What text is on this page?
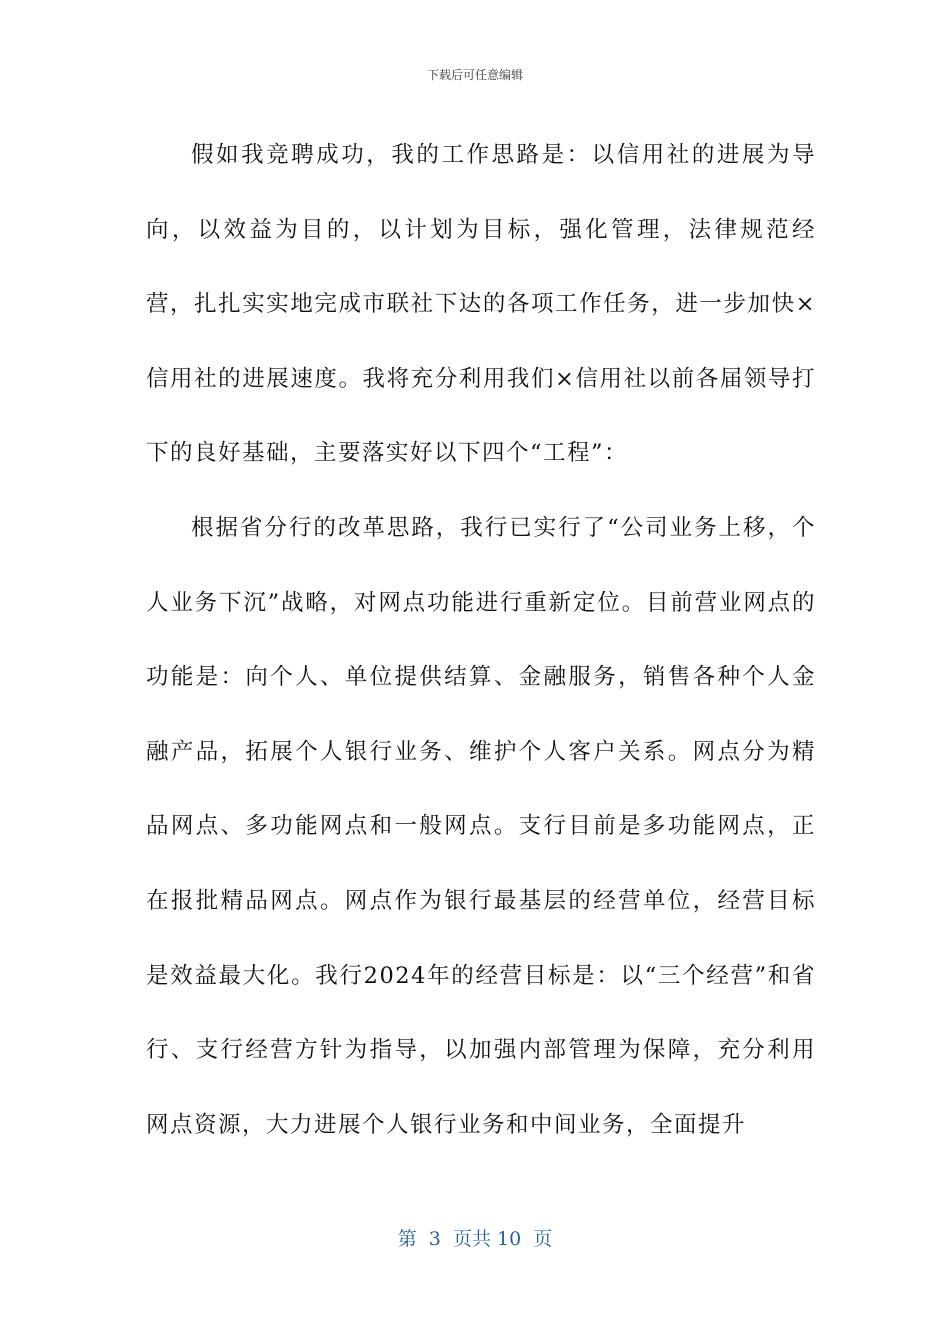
下载后可任意编辑

假如我竞聘成功，我的工作思路是：以信用社的进展为导向，以效益为目的，以计划为目标，强化管理，法律规范经营，扎扎实实地完成市联社下达的各项工作任务，进一步加快×信用社的进展速度。我将充分利用我们×信用社以前各届领导打下的良好基础，主要落实好以下四个“工程”：

根据省分行的改革思路，我行已实行了“公司业务上移，个人业务下沉”战略，对网点功能进行重新定位。目前营业网点的功能是：向个人、单位提供结算、金融服务，销售各种个人金融产品，拓展个人银行业务、维护个人客户关系。网点分为精品网点、多功能网点和一般网点。支行目前是多功能网点，正在报批精品网点。网点作为银行最基层的经营单位，经营目标是效益最大化。我行2024年的经营目标是：以“三个经营”和省行、支行经营方针为指导，以加强内部管理为保障，充分利用网点资源，大力进展个人银行业务和中间业务，全面提升

第  3  页共 10  页
